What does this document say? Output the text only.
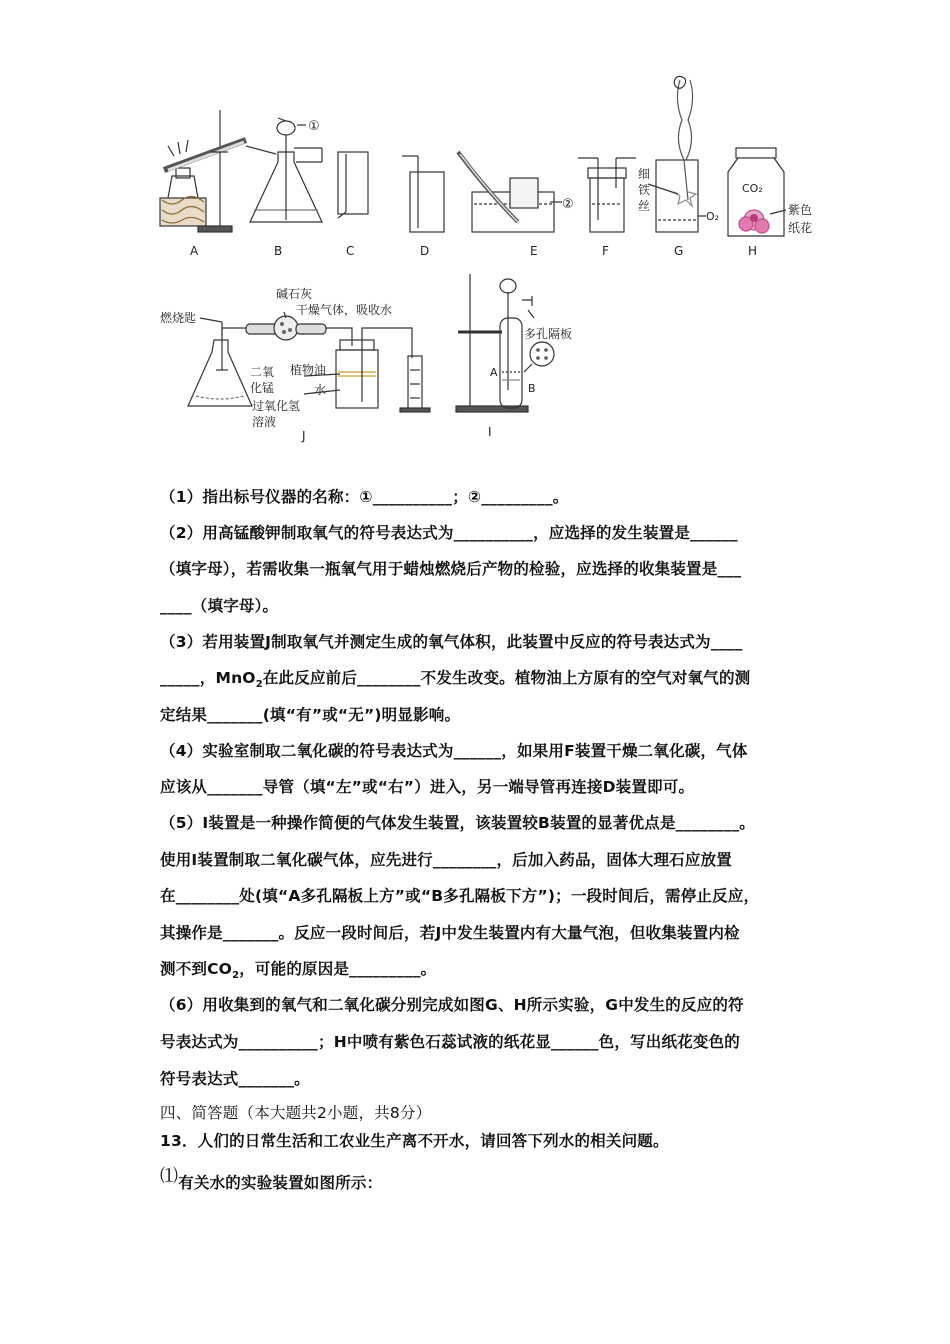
A
①
B	C	D
②
E	F
细
铁
丝
O₂
G
CO₂
紫色
纸花
H
碱石灰
干燥气体，吸收水
燃烧匙
二氧
化锰
过氧化氢
溶液
植物油
水
J
多孔隔板
A
B
I
（1）指出标号仪器的名称：①__________；②_________。
（2）用高锰酸钾制取氧气的符号表达式为__________，应选择的发生装置是______
（填字母），若需收集一瓶氧气用于蜡烛燃烧后产物的检验，应选择的收集装置是___
____（填字母）。
（3）若用装置J制取氧气并测定生成的氧气体积，此装置中反应的符号表达式为____
_____，MnO$_2$在此反应前后________不发生改变。植物油上方原有的空气对氧气的测
定结果_______(填“有”或“无”)明显影响。
（4）实验室制取二氧化碳的符号表达式为______，如果用F装置干燥二氧化碳，气体
应该从_______导管（填“左”或“右”）进入，另一端导管再连接D装置即可。
（5）I装置是一种操作简便的气体发生装置，该装置较B装置的显著优点是________。
使用I装置制取二氧化碳气体，应先进行________，后加入药品，固体大理石应放置
在________处(填“A多孔隔板上方”或“B多孔隔板下方”)；一段时间后，需停止反应，
其操作是_______。反应一段时间后，若J中发生装置内有大量气泡，但收集装置内检
测不到$CO_2$，可能的原因是_________。
（6）用收集到的氧气和二氧化碳分别完成如图G、H所示实验，G中发生的反应的符
号表达式为__________；H中喷有紫色石蕊试液的纸花显______色，写出纸花变色的
符号表达式_______。
四、简答题（本大题共2小题，共8分）
13．人们的日常生活和工农业生产离不开水，请回答下列水的相关问题。
⑴有关水的实验装置如图所示：
